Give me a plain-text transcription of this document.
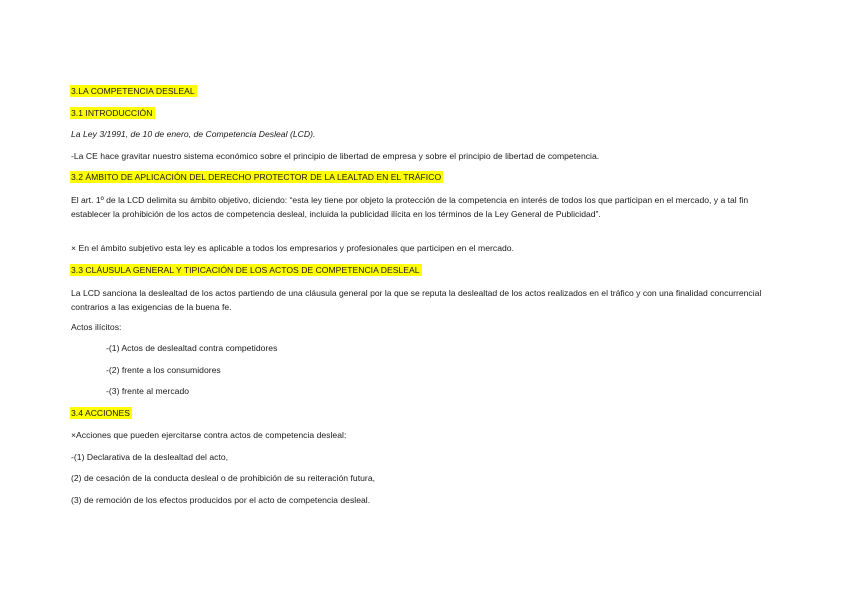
3.LA COMPETENCIA DESLEAL
3.1 INTRODUCCIÓN
La Ley 3/1991, de 10 de enero, de Competencia Desleal (LCD).
-La CE hace gravitar nuestro sistema económico sobre el principio de libertad de empresa y sobre el principio de libertad de competencia.
3.2 ÁMBITO DE APLICACIÓN DEL DERECHO PROTECTOR DE LA LEALTAD EN EL TRÁFICO
El art. 1º de la LCD delimita su ámbito objetivo, diciendo: “esta ley tiene por objeto la protección de la competencia en interés de todos los que participan en el mercado, y a tal fin establecer la prohibición de los actos de competencia desleal, incluida la publicidad ilícita en los términos de la Ley General de Publicidad”.
× En el ámbito subjetivo esta ley es aplicable a todos los empresarios y profesionales que participen en el mercado.
3.3 CLÁUSULA GENERAL Y TIPICACIÓN DE LOS ACTOS DE COMPETENCIA DESLEAL
La LCD sanciona la deslealtad de los actos partiendo de una cláusula general por la que se reputa la deslealtad de los actos realizados en el tráfico y con una finalidad concurrencial contrarios a las exigencias de la buena fe.
Actos ilícitos:
-(1) Actos de deslealtad contra competidores
-(2) frente a los consumidores
-(3) frente al mercado
3.4 ACCIONES
×Acciones que pueden ejercitarse contra actos de competencia desleal:
-(1) Declarativa de la deslealtad del acto,
(2) de cesación de la conducta desleal o de prohibición de su reiteración futura,
(3) de remoción de los efectos producidos por el acto de competencia desleal.
